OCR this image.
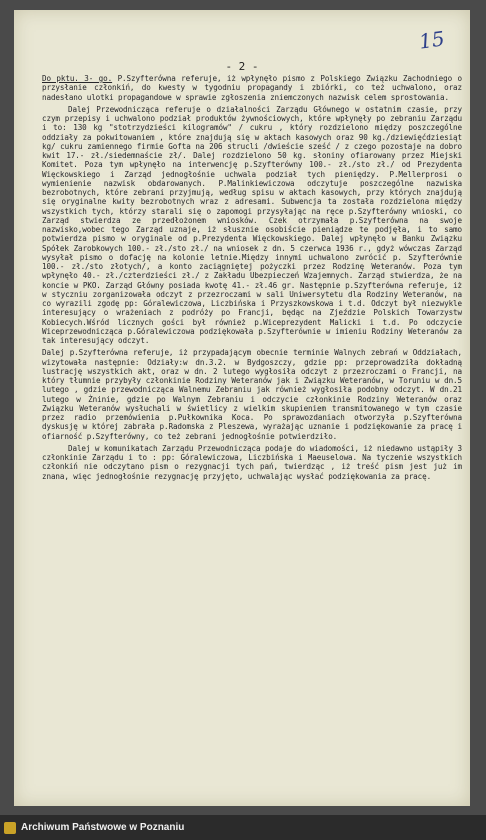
15
- 2 -

Do pktu. 3- go. P.Szyfterówna referuje, iż wpłynęło pismo z Polskiego Związku Zachodniego o przysłanie członkiń, do kwesty w tygodniu propagandy i zbiórki, co też uchwalono, oraz nadesłano ulotki propagandowe w sprawie zgłoszenia zniemczonych nazwisk celem sprostowania.

Dalej Przewodnicząca referuje o działalności Zarządu Głównego w ostatnim czasie, przy czym przepisy i uchwalono podział produktów żywnościowych, które wpłynęły po zebraniu Zarządu i to: 130 kg "stotrzydzieści kilogramów" / cukru , który rozdzielono między poszczególne oddziały za pokwitowaniem , które znajdują się w aktach kasowych oraz 90 kg./dziewięćdziesiąt kg/ cukru zamiennego firmie Gofta na 206 strucli /dwieście sześć / z czego pozostaje na dobro kwit 17.- zł./siedemnaście zł/. Dalej rozdzielono 50 kg. słoniny ofiarowany przez Miejski Komitet. Poza tym wpłynęło na interwencję p.Szyfterówny 100.- zł./sto zł./ od Prezydenta Więckowskiego i Zarząd jednogłośnie uchwala podział tych pieniędzy. P.Mellerprosi o wymienienie nazwisk obdarowanych. P.Malinkiewiczowa odczytuje poszczególne nazwiska bezrobotnych, które zebrani przyjmują, według spisu w aktach kasowych, przy których znajdują się oryginalne kwity bezrobotnych wraz z adresami. Subwencja ta została rozdzielona między wszystkich tych, którzy starali się o zapomogi przysyłając na ręce p.Szyfterówny wnioski, co Zarząd stwierdza ze przedłożonem wniosków. Czek otrzymała p.Szyfterówna na swoje nazwisko,wobec tego Zarząd uznaje, iż słusznie osobiście pieniądze te podjęła, i to samo potwierdza pismo w oryginale od p.Prezydenta Więckowskiego. Dalej wpłynęło w Banku Związku Spółek Zarobkowych 100.- zł./sto zł./ na wniosek z dn. 5 czerwca 1936 r., gdyż wówczas Zarząd wysyłał pismo o dofację na kolonie letnie.Między innymi uchwalono zwrócić p. Szyfterównie 100.- zł./sto złotych/, a konto zaciągniętej pożyczki przez Rodzinę Weteranów. Poza tym wpłynęło 40.- zł./czterdzieści zł./ z Zakładu Ubezpieczeń Wzajemnych. Zarząd stwierdza, że na koncie w PKO. Zarząd Główny posiada kwotę 41.- zł.46 gr. Następnie p.Szyfterówna referuje, iż w styczniu zorganizowała odczyt z przezroczami w sali Uniwersytetu dla Rodziny Weteranów, na co wyrazili zgodę pp: Góralewiczowa, Liczbińska i Przyszkowskowa i t.d. Odczyt był niezwykle interesujący o wrażeniach z podróży po Francji, będąc na Zjeździe Polskich Towarzystw Kobiecych.Wśród licznych gości był również p.Wiceprezydent Malicki i t.d. Po odczycie Wiceprzewodnicząca p.Góralewiczowa podziękowała p.Szyfterównie w imieniu Rodziny Weteranów za tak interesujący odczyt.

Dalej p.Szyfterówna referuje, iż przypadającym obecnie terminie Walnych zebrań w Oddziałach, wizytowała następnie: Odziały:w dn.3.2. w Bydgoszczy, gdzie pp: przeprowadziła dokładną lustrację wszystkich akt, oraz w dn. 2 lutego wygłosiła odczyt z przezroczami o Francji, na który tłumnie przybyły członkinie Rodziny Weteranów jak i Związku Weteranów, w Toruniu w dn.5 lutego , gdzie przewodnicząca Walnemu Zebraniu jak również wygłosiła podobny odczyt. W dn.21 lutego w Żninie, gdzie po Walnym Zebraniu i odczycie członkinie Rodziny Weteranów oraz Związku Weteranów wysłuchali w świetlicy z wielkim skupieniem transmitowanego w tym czasie przez radio przemówienia p.Pułkownika Koca. Po sprawozdaniach otworzyła p.Szyfterówna dyskusję w której zabrała p.Radomska z Pleszewa, wyrażając uznanie i podziękowanie za pracę i ofiarność p.Szyfterówny, co też zebrani jednogłośnie potwierdziło.

Dalej w komunikatach Zarządu Przewodnicząca podaje do wiadomości, iż niedawno ustąpiły 3 członkinie Zarządu i to : pp: Góralewiczowa, Liczbińska i Maeuselowa. Na tyczenie wszystkich członkiń nie odczytano pism o rezygnacji tych pań, twierdząc , iż treść pism jest już im znana, więc jednogłośnie rezygnację przyjęto, uchwalając wysłać podziękowania za pracę.

Archiwum Państwowe w Poznaniu
